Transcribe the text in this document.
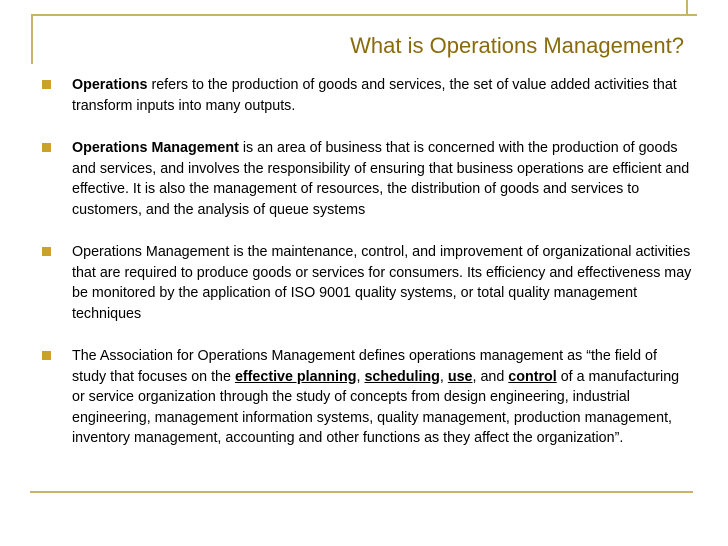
What is Operations Management?
Operations refers to the production of goods and services, the set of value added activities that transform inputs into many outputs.
Operations Management is an area of business that is concerned with the production of goods and services, and involves the responsibility of ensuring that business operations are efficient and effective. It is also the management of resources, the distribution of goods and services to customers, and the analysis of queue systems
Operations Management is the maintenance, control, and improvement of organizational activities that are required to produce goods or services for consumers. Its efficiency and effectiveness may be monitored by the application of ISO 9001 quality systems, or total quality management techniques
The Association for Operations Management defines operations management as “the field of study that focuses on the effective planning, scheduling, use, and control of a manufacturing or service organization through the study of concepts from design engineering, industrial engineering, management information systems, quality management, production management, inventory management, accounting and other functions as they affect the organization”.
